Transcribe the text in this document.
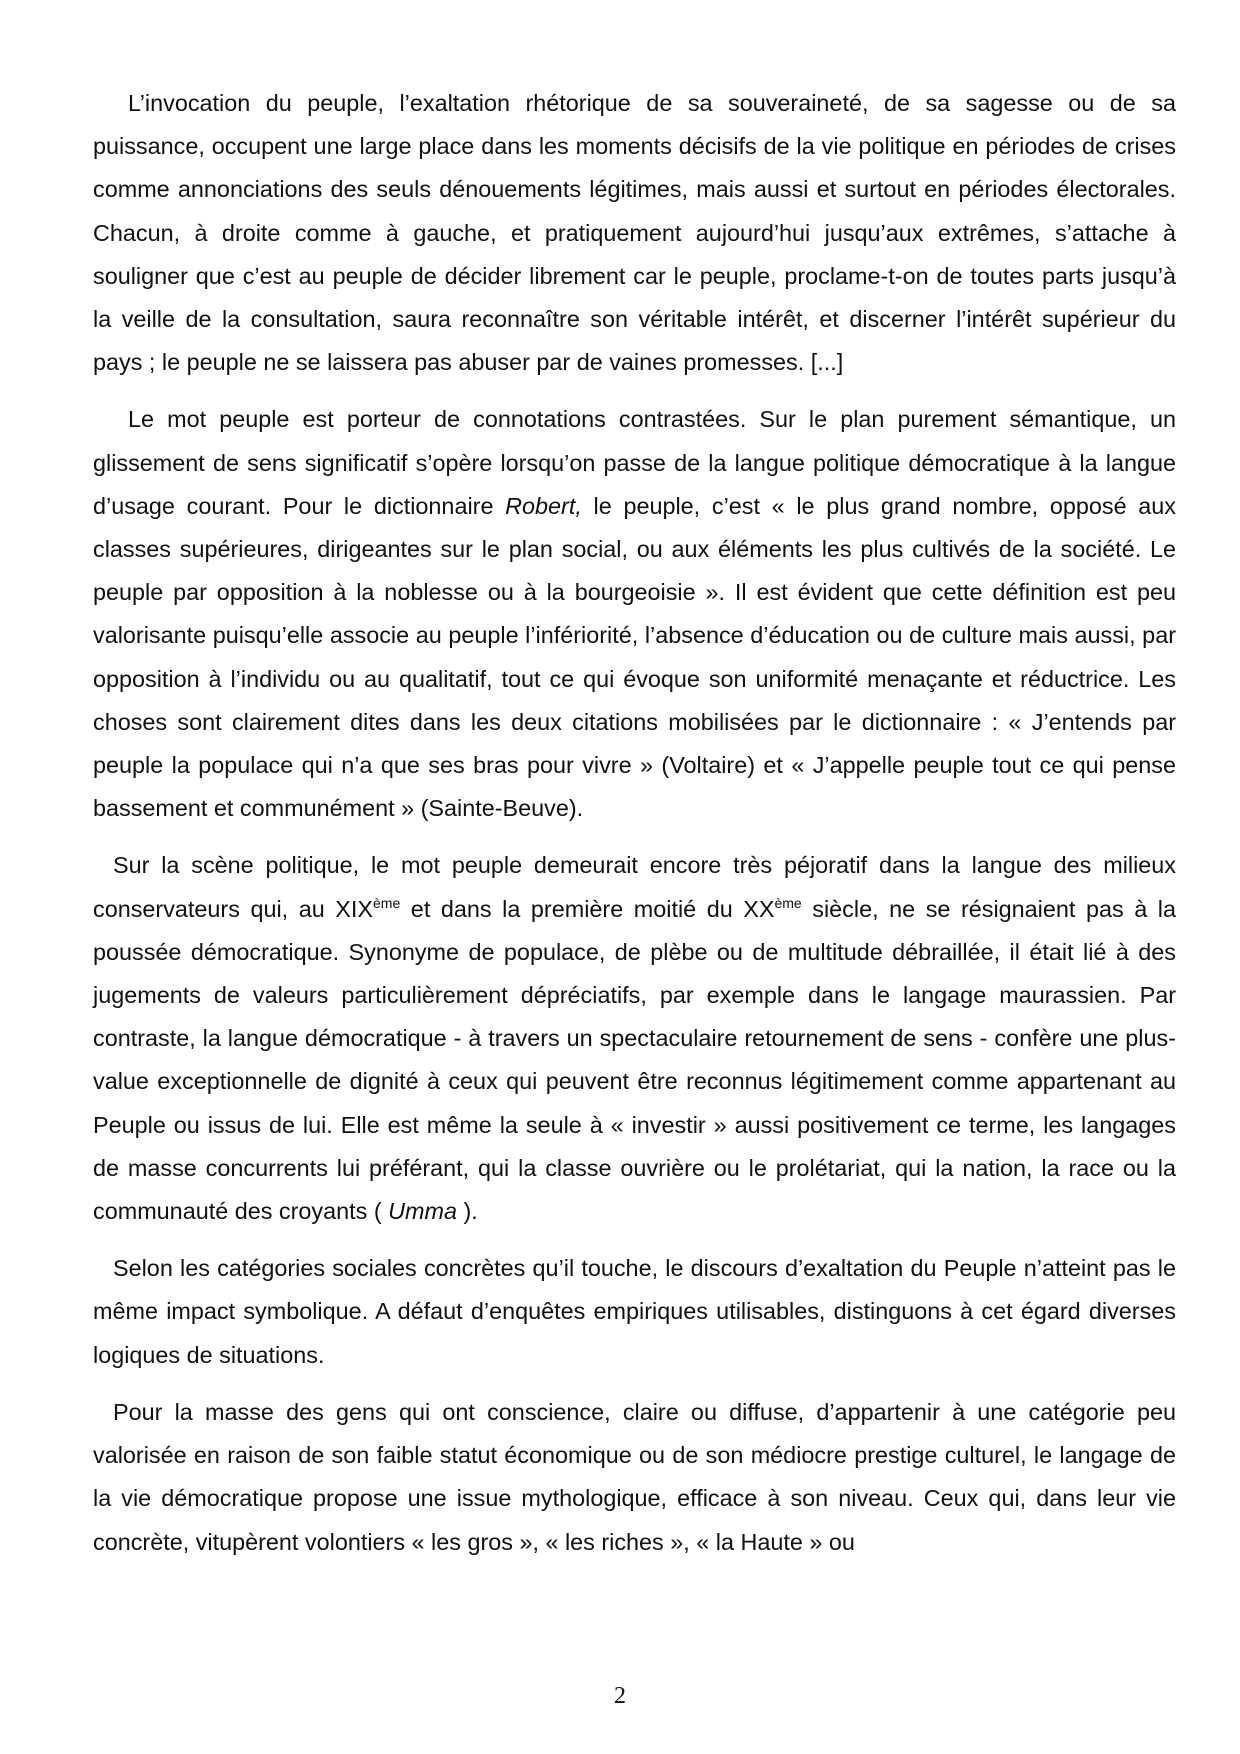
L’invocation du peuple, l’exaltation rhétorique de sa souveraineté, de sa sagesse ou de sa puissance, occupent une large place dans les moments décisifs de la vie politique en périodes de crises comme annonciations des seuls dénouements légitimes, mais aussi et surtout en périodes électorales. Chacun, à droite comme à gauche, et pratiquement aujourd’hui jusqu’aux extrêmes, s’attache à souligner que c’est au peuple de décider librement car le peuple, proclame-t-on de toutes parts jusqu’à la veille de la consultation, saura reconnaître son véritable intérêt, et discerner l’intérêt supérieur du pays ; le peuple ne se laissera pas abuser par de vaines promesses. [...]

Le mot peuple est porteur de connotations contrastées. Sur le plan purement sémantique, un glissement de sens significatif s’opère lorsqu’on passe de la langue politique démocratique à la langue d’usage courant. Pour le dictionnaire Robert, le peuple, c’est « le plus grand nombre, opposé aux classes supérieures, dirigeantes sur le plan social, ou aux éléments les plus cultivés de la société. Le peuple par opposition à la noblesse ou à la bourgeoisie ». Il est évident que cette définition est peu valorisante puisqu’elle associe au peuple l’infériorité, l’absence d’éducation ou de culture mais aussi, par opposition à l’individu ou au qualitatif, tout ce qui évoque son uniformité menaçante et réductrice. Les choses sont clairement dites dans les deux citations mobilisées par le dictionnaire : « J’entends par peuple la populace qui n’a que ses bras pour vivre » (Voltaire) et « J’appelle peuple tout ce qui pense bassement et communément » (Sainte-Beuve).

Sur la scène politique, le mot peuple demeurait encore très péjoratif dans la langue des milieux conservateurs qui, au XIXème et dans la première moitié du XXème siècle, ne se résignaient pas à la poussée démocratique. Synonyme de populace, de plèbe ou de multitude débraillée, il était lié à des jugements de valeurs particulièrement dépréciatifs, par exemple dans le langage maurassien. Par contraste, la langue démocratique - à travers un spectaculaire retournement de sens - confère une plus-value exceptionnelle de dignité à ceux qui peuvent être reconnus légitimement comme appartenant au Peuple ou issus de lui. Elle est même la seule à « investir » aussi positivement ce terme, les langages de masse concurrents lui préférant, qui la classe ouvrière ou le prolétariat, qui la nation, la race ou la communauté des croyants ( Umma ).

Selon les catégories sociales concrètes qu’il touche, le discours d’exaltation du Peuple n’atteint pas le même impact symbolique. A défaut d’enquêtes empiriques utilisables, distinguons à cet égard diverses logiques de situations.

Pour la masse des gens qui ont conscience, claire ou diffuse, d’appartenir à une catégorie peu valorisée en raison de son faible statut économique ou de son médiocre prestige culturel, le langage de la vie démocratique propose une issue mythologique, efficace à son niveau. Ceux qui, dans leur vie concrète, vitupèrent volontiers « les gros », « les riches », « la Haute » ou

2
